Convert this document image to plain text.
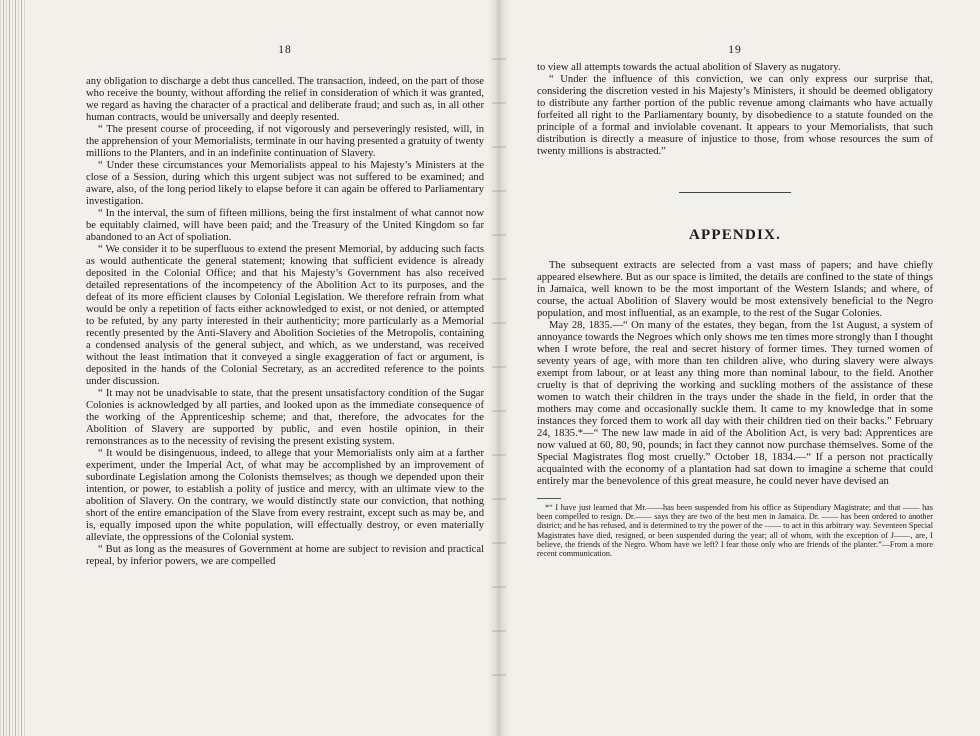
18

any obligation to discharge a debt thus cancelled. The transaction, indeed, on the part of those who receive the bounty, without affording the relief in consideration of which it was granted, we regard as having the character of a practical and deliberate fraud; and such as, in all other human contracts, would be universally and deeply resented.

“ The present course of proceeding, if not vigorously and perseveringly resisted, will, in the apprehension of your Memorialists, terminate in our having presented a gratuity of twenty millions to the Planters, and in an indefinite continuation of Slavery.

“ Under these circumstances your Memorialists appeal to his Majesty’s Ministers at the close of a Session, during which this urgent subject was not suffered to be examined; and aware, also, of the long period likely to elapse before it can again be offered to Parliamentary investigation.

“ In the interval, the sum of fifteen millions, being the first instalment of what cannot now be equitably claimed, will have been paid; and the Treasury of the United Kingdom so far abandoned to an Act of spoliation.

“ We consider it to be superfluous to extend the present Memorial, by adducing such facts as would authenticate the general statement; knowing that sufficient evidence is already deposited in the Colonial Office; and that his Majesty’s Government has also received detailed representations of the incompetency of the Abolition Act to its purposes, and the defeat of its more efficient clauses by Colonial Legislation. We therefore refrain from what would be only a repetition of facts either acknowledged to exist, or not denied, or attempted to be refuted, by any party interested in their authenticity; more particularly as a Memorial recently presented by the Anti-Slavery and Abolition Societies of the Metropolis, containing a condensed analysis of the general subject, and which, as we understand, was received without the least intimation that it conveyed a single exaggeration of fact or argument, is deposited in the hands of the Colonial Secretary, as an accredited reference to the points under discussion.

“ It may not be unadvisable to state, that the present unsatisfactory condition of the Sugar Colonies is acknowledged by all parties, and looked upon as the immediate consequence of the working of the Apprenticeship scheme; and that, therefore, the advocates for the Abolition of Slavery are supported by public, and even hostile opinion, in their remonstrances as to the necessity of revising the present existing system.

“ It would be disingenuous, indeed, to allege that your Memorialists only aim at a farther experiment, under the Imperial Act, of what may be accomplished by an improvement of subordinate Legislation among the Colonists themselves; as though we depended upon their intention, or power, to establish a polity of justice and mercy, with an ultimate view to the abolition of Slavery. On the contrary, we would distinctly state our conviction, that nothing short of the entire emancipation of the Slave from every restraint, except such as may be, and is, equally imposed upon the white population, will effectually destroy, or even materially alleviate, the oppressions of the Colonial system.

“ But as long as the measures of Government at home are subject to revision and practical repeal, by inferior powers, we are compelled

19

to view all attempts towards the actual abolition of Slavery as nugatory.

“ Under the influence of this conviction, we can only express our surprise that, considering the discretion vested in his Majesty’s Ministers, it should be deemed obligatory to distribute any farther portion of the public revenue among claimants who have actually forfeited all right to the Parliamentary bounty, by disobedience to a statute founded on the principle of a formal and inviolable covenant. It appears to your Memorialists, that such distribution is directly a measure of injustice to those, from whose resources the sum of twenty millions is abstracted.”

APPENDIX.

The subsequent extracts are selected from a vast mass of papers; and have chiefly appeared elsewhere. But as our space is limited, the details are confined to the state of things in Jamaica, well known to be the most important of the Western Islands; and where, of course, the actual Abolition of Slavery would be most extensively beneficial to the Negro population, and most influential, as an example, to the rest of the Sugar Colonies.

May 28, 1835.—“ On many of the estates, they began, from the 1st August, a system of annoyance towards the Negroes which only shows me ten times more strongly than I thought when I wrote before, the real and secret history of former times. They turned women of seventy years of age, with more than ten children alive, who during slavery were always exempt from labour, or at least any thing more than nominal labour, to the field. Another cruelty is that of depriving the working and suckling mothers of the assistance of these women to watch their children in the trays under the shade in the field, in order that the mothers may come and occasionally suckle them. It came to my knowledge that in some instances they forced them to work all day with their children tied on their backs.” February 24, 1835.*—“ The new law made in aid of the Abolition Act, is very bad: Apprentices are now valued at 60, 80, 90, pounds; in fact they cannot now purchase themselves. Some of the Special Magistrates flog most cruelly.” October 18, 1834.—“ If a person not practically acquainted with the economy of a plantation had sat down to imagine a scheme that could entirely mar the benevolence of this great measure, he could never have devised an

*“ I have just learned that Mr.——has been suspended from his office as Stipendiary Magistrate; and that —— has been compelled to resign. Dr.—— says they are two of the best men in Jamaica. Dr. —— has been ordered to another district; and he has refused, and is determined to try the power of the —— to act in this arbitrary way. Seventeen Special Magistrates have died, resigned, or been suspended during the year; all of whom, with the exception of J——, are, I believe, the friends of the Negro. Whom have we left? I fear those only who are friends of the planter.”—From a more recent communication.
